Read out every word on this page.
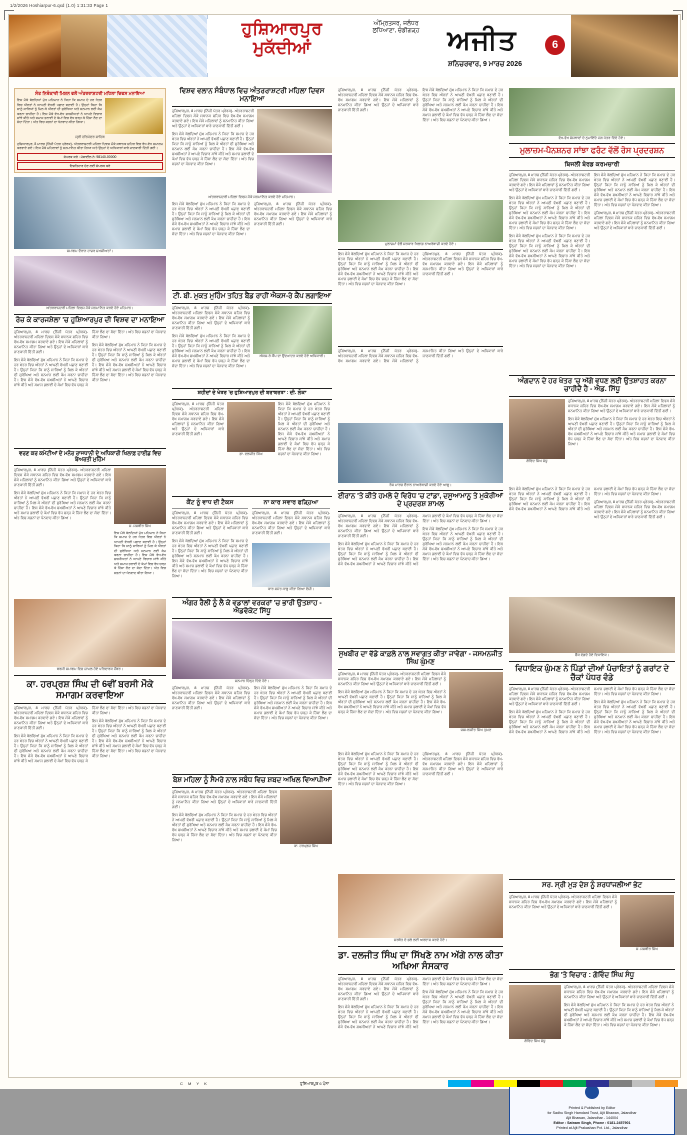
1/2/2026 Hoshiarpur-6.qxd (1.0) 1:31:33 Page 1
ਹੁਸ਼ਿਆਰਪੁਰ
ਮੁਕੱਦੀਆਂ
ਅੰਮ੍ਰਿਤਸਰ, ਜਲੰਧਰ
ਲੁਧਿਆਣਾ, ਚੰਡੀਗੜ੍ਹ	ਅਜੀਤ
ਸ਼ਨਿਚਰਵਾਰ, 9 ਮਾਰਚ 2026
6
ਸੰਤ ਨਿਰੰਕਾਰੀ ਮਿਸ਼ਨ ਵਲੋਂ ਅੰਤਰਰਾਸ਼ਟਰੀ ਮਹਿਲਾ ਦਿਵਸ ਮਨਾਇਆ
ਇਸ ਮੌਕੇ ਬੋਲਦਿਆਂ ਮੁੱਖ ਮਹਿਮਾਨ ਨੇ ਕਿਹਾ ਕਿ ਸਮਾਜ ਦੇ ਹਰ ਖੇਤਰ ਵਿਚ ਔਰਤਾਂ ਨੇ ਆਪਣੀ ਵੱਖਰੀ ਪਛਾਣ ਬਣਾਈ ਹੈ। ਉਨ੍ਹਾਂ ਕਿਹਾ ਕਿ ਸਾਨੂੰ ਸਾਰਿਆਂ ਨੂੰ ਮਿਲ ਕੇ ਔਰਤਾਂ ਦੀ ਸੁਰੱਖਿਆ ਅਤੇ ਸਨਮਾਨ ਲਈ ਕੰਮ ਕਰਨਾ ਚਾਹੀਦਾ ਹੈ। ਇਸ ਮੌਕੇ ਵੱਖ-ਵੱਖ ਸ਼ਖਸੀਅਤਾਂ ਨੇ ਆਪਣੇ ਵਿਚਾਰ ਸਾਂਝੇ ਕੀਤੇ ਅਤੇ ਸਮਾਜ ਭਲਾਈ ਦੇ ਕੰਮਾਂ ਵਿਚ ਵੱਧ ਚੜ੍ਹ ਕੇ ਹਿੱਸਾ ਲੈਣ ਦਾ ਸੱਦਾ ਦਿੱਤਾ। ਅੰਤ ਵਿਚ ਸਭਨਾਂ ਦਾ ਧੰਨਵਾਦ ਕੀਤਾ ਗਿਆ।
ਸ੍ਰੀ ਹਰਿਮੰਦਰ ਸਾਹਿਬ
ਹੁਸ਼ਿਆਰਪੁਰ, 8 ਮਾਰਚ (ਨਿੱਜੀ ਪੱਤਰ ਪ੍ਰੇਰਕ)- ਅੰਤਰਰਾਸ਼ਟਰੀ ਮਹਿਲਾ ਦਿਵਸ ਮੌਕੇ ਸਥਾਨਕ ਸ਼ਹਿਰ ਵਿਚ ਵੱਖ-ਵੱਖ ਸਮਾਗਮ ਕਰਵਾਏ ਗਏ। ਇਸ ਮੌਕੇ ਮਹਿਲਾਵਾਂ ਨੂੰ ਸਨਮਾਨਿਤ ਕੀਤਾ ਗਿਆ ਅਤੇ ਉਨ੍ਹਾਂ ਦੇ ਅਧਿਕਾਰਾਂ ਬਾਰੇ ਜਾਣਕਾਰੀ ਦਿੱਤੀ ਗਈ।
ਸੰਪਰਕ ਕਰੋ : ਮੋਬਾਈਲ ਨੰ: 98140-00000
ਇਸ਼ਤਿਹਾਰ ਦੇਣ ਲਈ ਸੰਪਰਕ ਕਰੋ
ਸਮਾਗਮ ਦੌਰਾਨ ਹਾਜ਼ਰ ਸ਼ਖਸੀਅਤਾਂ।
ਅੰਤਰਰਾਸ਼ਟਰੀ ਮਹਿਲਾ ਦਿਵਸ ਮੌਕੇ ਸਨਮਾਨਿਤ ਕਰਦੇ ਹੋਏ ਮਹਿਮਾਨ।
ਰੋਜ਼ ਕੇ ਕਾਰਜਸ਼ੇਲਾ 'ਚ ਹੁਸ਼ਿਆਰਪੁਰ ਦੀ ਵਿਸ਼ਵ ਦਾ ਮਨਾਇਆ

ਹੁਸ਼ਿਆਰਪੁਰ, 8 ਮਾਰਚ (ਨਿੱਜੀ ਪੱਤਰ ਪ੍ਰੇਰਕ)- ਅੰਤਰਰਾਸ਼ਟਰੀ ਮਹਿਲਾ ਦਿਵਸ ਮੌਕੇ ਸਥਾਨਕ ਸ਼ਹਿਰ ਵਿਚ ਵੱਖ-ਵੱਖ ਸਮਾਗਮ ਕਰਵਾਏ ਗਏ। ਇਸ ਮੌਕੇ ਮਹਿਲਾਵਾਂ ਨੂੰ ਸਨਮਾਨਿਤ ਕੀਤਾ ਗਿਆ ਅਤੇ ਉਨ੍ਹਾਂ ਦੇ ਅਧਿਕਾਰਾਂ ਬਾਰੇ ਜਾਣਕਾਰੀ ਦਿੱਤੀ ਗਈ।

ਇਸ ਮੌਕੇ ਬੋਲਦਿਆਂ ਮੁੱਖ ਮਹਿਮਾਨ ਨੇ ਕਿਹਾ ਕਿ ਸਮਾਜ ਦੇ ਹਰ ਖੇਤਰ ਵਿਚ ਔਰਤਾਂ ਨੇ ਆਪਣੀ ਵੱਖਰੀ ਪਛਾਣ ਬਣਾਈ ਹੈ। ਉਨ੍ਹਾਂ ਕਿਹਾ ਕਿ ਸਾਨੂੰ ਸਾਰਿਆਂ ਨੂੰ ਮਿਲ ਕੇ ਔਰਤਾਂ ਦੀ ਸੁਰੱਖਿਆ ਅਤੇ ਸਨਮਾਨ ਲਈ ਕੰਮ ਕਰਨਾ ਚਾਹੀਦਾ ਹੈ। ਇਸ ਮੌਕੇ ਵੱਖ-ਵੱਖ ਸ਼ਖਸੀਅਤਾਂ ਨੇ ਆਪਣੇ ਵਿਚਾਰ ਸਾਂਝੇ ਕੀਤੇ ਅਤੇ ਸਮਾਜ ਭਲਾਈ ਦੇ ਕੰਮਾਂ ਵਿਚ ਵੱਧ ਚੜ੍ਹ ਕੇ ਹਿੱਸਾ ਲੈਣ ਦਾ ਸੱਦਾ ਦਿੱਤਾ। ਅੰਤ ਵਿਚ ਸਭਨਾਂ ਦਾ ਧੰਨਵਾਦ ਕੀਤਾ ਗਿਆ।

ਇਸ ਮੌਕੇ ਬੋਲਦਿਆਂ ਮੁੱਖ ਮਹਿਮਾਨ ਨੇ ਕਿਹਾ ਕਿ ਸਮਾਜ ਦੇ ਹਰ ਖੇਤਰ ਵਿਚ ਔਰਤਾਂ ਨੇ ਆਪਣੀ ਵੱਖਰੀ ਪਛਾਣ ਬਣਾਈ ਹੈ। ਉਨ੍ਹਾਂ ਕਿਹਾ ਕਿ ਸਾਨੂੰ ਸਾਰਿਆਂ ਨੂੰ ਮਿਲ ਕੇ ਔਰਤਾਂ ਦੀ ਸੁਰੱਖਿਆ ਅਤੇ ਸਨਮਾਨ ਲਈ ਕੰਮ ਕਰਨਾ ਚਾਹੀਦਾ ਹੈ। ਇਸ ਮੌਕੇ ਵੱਖ-ਵੱਖ ਸ਼ਖਸੀਅਤਾਂ ਨੇ ਆਪਣੇ ਵਿਚਾਰ ਸਾਂਝੇ ਕੀਤੇ ਅਤੇ ਸਮਾਜ ਭਲਾਈ ਦੇ ਕੰਮਾਂ ਵਿਚ ਵੱਧ ਚੜ੍ਹ ਕੇ ਹਿੱਸਾ ਲੈਣ ਦਾ ਸੱਦਾ ਦਿੱਤਾ। ਅੰਤ ਵਿਚ ਸਭਨਾਂ ਦਾ ਧੰਨਵਾਦ ਕੀਤਾ ਗਿਆ।

ਵਰਣ ਕਰ ਕਮੇਟੀਆਂ ਦੇ ਮਨੋਰ ਰਾਜਧਾਨੀ ਦੇ ਅਧਿਕਾਰੀ ਖਿਲਾਫ਼ ਹਾਈਡ ਵਿਚ ਬੇਅਰਤੀ ਮੁਹਿੰਮ

ਹੁਸ਼ਿਆਰਪੁਰ, 8 ਮਾਰਚ (ਨਿੱਜੀ ਪੱਤਰ ਪ੍ਰੇਰਕ)- ਅੰਤਰਰਾਸ਼ਟਰੀ ਮਹਿਲਾ ਦਿਵਸ ਮੌਕੇ ਸਥਾਨਕ ਸ਼ਹਿਰ ਵਿਚ ਵੱਖ-ਵੱਖ ਸਮਾਗਮ ਕਰਵਾਏ ਗਏ। ਇਸ ਮੌਕੇ ਮਹਿਲਾਵਾਂ ਨੂੰ ਸਨਮਾਨਿਤ ਕੀਤਾ ਗਿਆ ਅਤੇ ਉਨ੍ਹਾਂ ਦੇ ਅਧਿਕਾਰਾਂ ਬਾਰੇ ਜਾਣਕਾਰੀ ਦਿੱਤੀ ਗਈ।

ਇਸ ਮੌਕੇ ਬੋਲਦਿਆਂ ਮੁੱਖ ਮਹਿਮਾਨ ਨੇ ਕਿਹਾ ਕਿ ਸਮਾਜ ਦੇ ਹਰ ਖੇਤਰ ਵਿਚ ਔਰਤਾਂ ਨੇ ਆਪਣੀ ਵੱਖਰੀ ਪਛਾਣ ਬਣਾਈ ਹੈ। ਉਨ੍ਹਾਂ ਕਿਹਾ ਕਿ ਸਾਨੂੰ ਸਾਰਿਆਂ ਨੂੰ ਮਿਲ ਕੇ ਔਰਤਾਂ ਦੀ ਸੁਰੱਖਿਆ ਅਤੇ ਸਨਮਾਨ ਲਈ ਕੰਮ ਕਰਨਾ ਚਾਹੀਦਾ ਹੈ। ਇਸ ਮੌਕੇ ਵੱਖ-ਵੱਖ ਸ਼ਖਸੀਅਤਾਂ ਨੇ ਆਪਣੇ ਵਿਚਾਰ ਸਾਂਝੇ ਕੀਤੇ ਅਤੇ ਸਮਾਜ ਭਲਾਈ ਦੇ ਕੰਮਾਂ ਵਿਚ ਵੱਧ ਚੜ੍ਹ ਕੇ ਹਿੱਸਾ ਲੈਣ ਦਾ ਸੱਦਾ ਦਿੱਤਾ। ਅੰਤ ਵਿਚ ਸਭਨਾਂ ਦਾ ਧੰਨਵਾਦ ਕੀਤਾ ਗਿਆ।

ਸ. ਜਸਬੀਰ ਸਿੰਘ
ਇਸ ਮੌਕੇ ਬੋਲਦਿਆਂ ਮੁੱਖ ਮਹਿਮਾਨ ਨੇ ਕਿਹਾ ਕਿ ਸਮਾਜ ਦੇ ਹਰ ਖੇਤਰ ਵਿਚ ਔਰਤਾਂ ਨੇ ਆਪਣੀ ਵੱਖਰੀ ਪਛਾਣ ਬਣਾਈ ਹੈ। ਉਨ੍ਹਾਂ ਕਿਹਾ ਕਿ ਸਾਨੂੰ ਸਾਰਿਆਂ ਨੂੰ ਮਿਲ ਕੇ ਔਰਤਾਂ ਦੀ ਸੁਰੱਖਿਆ ਅਤੇ ਸਨਮਾਨ ਲਈ ਕੰਮ ਕਰਨਾ ਚਾਹੀਦਾ ਹੈ। ਇਸ ਮੌਕੇ ਵੱਖ-ਵੱਖ ਸ਼ਖਸੀਅਤਾਂ ਨੇ ਆਪਣੇ ਵਿਚਾਰ ਸਾਂਝੇ ਕੀਤੇ ਅਤੇ ਸਮਾਜ ਭਲਾਈ ਦੇ ਕੰਮਾਂ ਵਿਚ ਵੱਧ ਚੜ੍ਹ ਕੇ ਹਿੱਸਾ ਲੈਣ ਦਾ ਸੱਦਾ ਦਿੱਤਾ। ਅੰਤ ਵਿਚ ਸਭਨਾਂ ਦਾ ਧੰਨਵਾਦ ਕੀਤਾ ਗਿਆ।
ਬਰਸੀ ਸਮਾਗਮ ਵਿਚ ਸ਼ਾਮਲ ਹੋਏ ਪਰਿਵਾਰਕ ਮੈਂਬਰ।
ਕਾ. ਹਰਪ੍ਰਸ਼ ਸਿੰਘ ਦੀ 6ਵੀਂ ਬਰਸੀ ਮੌਕੇ ਸਮਾਗਮ ਕਰਵਾਇਆ

ਹੁਸ਼ਿਆਰਪੁਰ, 8 ਮਾਰਚ (ਨਿੱਜੀ ਪੱਤਰ ਪ੍ਰੇਰਕ)- ਅੰਤਰਰਾਸ਼ਟਰੀ ਮਹਿਲਾ ਦਿਵਸ ਮੌਕੇ ਸਥਾਨਕ ਸ਼ਹਿਰ ਵਿਚ ਵੱਖ-ਵੱਖ ਸਮਾਗਮ ਕਰਵਾਏ ਗਏ। ਇਸ ਮੌਕੇ ਮਹਿਲਾਵਾਂ ਨੂੰ ਸਨਮਾਨਿਤ ਕੀਤਾ ਗਿਆ ਅਤੇ ਉਨ੍ਹਾਂ ਦੇ ਅਧਿਕਾਰਾਂ ਬਾਰੇ ਜਾਣਕਾਰੀ ਦਿੱਤੀ ਗਈ।

ਇਸ ਮੌਕੇ ਬੋਲਦਿਆਂ ਮੁੱਖ ਮਹਿਮਾਨ ਨੇ ਕਿਹਾ ਕਿ ਸਮਾਜ ਦੇ ਹਰ ਖੇਤਰ ਵਿਚ ਔਰਤਾਂ ਨੇ ਆਪਣੀ ਵੱਖਰੀ ਪਛਾਣ ਬਣਾਈ ਹੈ। ਉਨ੍ਹਾਂ ਕਿਹਾ ਕਿ ਸਾਨੂੰ ਸਾਰਿਆਂ ਨੂੰ ਮਿਲ ਕੇ ਔਰਤਾਂ ਦੀ ਸੁਰੱਖਿਆ ਅਤੇ ਸਨਮਾਨ ਲਈ ਕੰਮ ਕਰਨਾ ਚਾਹੀਦਾ ਹੈ। ਇਸ ਮੌਕੇ ਵੱਖ-ਵੱਖ ਸ਼ਖਸੀਅਤਾਂ ਨੇ ਆਪਣੇ ਵਿਚਾਰ ਸਾਂਝੇ ਕੀਤੇ ਅਤੇ ਸਮਾਜ ਭਲਾਈ ਦੇ ਕੰਮਾਂ ਵਿਚ ਵੱਧ ਚੜ੍ਹ ਕੇ ਹਿੱਸਾ ਲੈਣ ਦਾ ਸੱਦਾ ਦਿੱਤਾ। ਅੰਤ ਵਿਚ ਸਭਨਾਂ ਦਾ ਧੰਨਵਾਦ ਕੀਤਾ ਗਿਆ।

ਇਸ ਮੌਕੇ ਬੋਲਦਿਆਂ ਮੁੱਖ ਮਹਿਮਾਨ ਨੇ ਕਿਹਾ ਕਿ ਸਮਾਜ ਦੇ ਹਰ ਖੇਤਰ ਵਿਚ ਔਰਤਾਂ ਨੇ ਆਪਣੀ ਵੱਖਰੀ ਪਛਾਣ ਬਣਾਈ ਹੈ। ਉਨ੍ਹਾਂ ਕਿਹਾ ਕਿ ਸਾਨੂੰ ਸਾਰਿਆਂ ਨੂੰ ਮਿਲ ਕੇ ਔਰਤਾਂ ਦੀ ਸੁਰੱਖਿਆ ਅਤੇ ਸਨਮਾਨ ਲਈ ਕੰਮ ਕਰਨਾ ਚਾਹੀਦਾ ਹੈ। ਇਸ ਮੌਕੇ ਵੱਖ-ਵੱਖ ਸ਼ਖਸੀਅਤਾਂ ਨੇ ਆਪਣੇ ਵਿਚਾਰ ਸਾਂਝੇ ਕੀਤੇ ਅਤੇ ਸਮਾਜ ਭਲਾਈ ਦੇ ਕੰਮਾਂ ਵਿਚ ਵੱਧ ਚੜ੍ਹ ਕੇ ਹਿੱਸਾ ਲੈਣ ਦਾ ਸੱਦਾ ਦਿੱਤਾ। ਅੰਤ ਵਿਚ ਸਭਨਾਂ ਦਾ ਧੰਨਵਾਦ ਕੀਤਾ ਗਿਆ।

ਵਿਸ਼ਵ ਵਲਾਨ ਸੰਬੰਧਾਲ ਵਿਚ ਅੰਤਰਰਾਸ਼ਟਰੀ ਮਹਿਲਾ ਦਿਵਸ ਮਨਾਇਆ

ਹੁਸ਼ਿਆਰਪੁਰ, 8 ਮਾਰਚ (ਨਿੱਜੀ ਪੱਤਰ ਪ੍ਰੇਰਕ)- ਅੰਤਰਰਾਸ਼ਟਰੀ ਮਹਿਲਾ ਦਿਵਸ ਮੌਕੇ ਸਥਾਨਕ ਸ਼ਹਿਰ ਵਿਚ ਵੱਖ-ਵੱਖ ਸਮਾਗਮ ਕਰਵਾਏ ਗਏ। ਇਸ ਮੌਕੇ ਮਹਿਲਾਵਾਂ ਨੂੰ ਸਨਮਾਨਿਤ ਕੀਤਾ ਗਿਆ ਅਤੇ ਉਨ੍ਹਾਂ ਦੇ ਅਧਿਕਾਰਾਂ ਬਾਰੇ ਜਾਣਕਾਰੀ ਦਿੱਤੀ ਗਈ।

ਇਸ ਮੌਕੇ ਬੋਲਦਿਆਂ ਮੁੱਖ ਮਹਿਮਾਨ ਨੇ ਕਿਹਾ ਕਿ ਸਮਾਜ ਦੇ ਹਰ ਖੇਤਰ ਵਿਚ ਔਰਤਾਂ ਨੇ ਆਪਣੀ ਵੱਖਰੀ ਪਛਾਣ ਬਣਾਈ ਹੈ। ਉਨ੍ਹਾਂ ਕਿਹਾ ਕਿ ਸਾਨੂੰ ਸਾਰਿਆਂ ਨੂੰ ਮਿਲ ਕੇ ਔਰਤਾਂ ਦੀ ਸੁਰੱਖਿਆ ਅਤੇ ਸਨਮਾਨ ਲਈ ਕੰਮ ਕਰਨਾ ਚਾਹੀਦਾ ਹੈ। ਇਸ ਮੌਕੇ ਵੱਖ-ਵੱਖ ਸ਼ਖਸੀਅਤਾਂ ਨੇ ਆਪਣੇ ਵਿਚਾਰ ਸਾਂਝੇ ਕੀਤੇ ਅਤੇ ਸਮਾਜ ਭਲਾਈ ਦੇ ਕੰਮਾਂ ਵਿਚ ਵੱਧ ਚੜ੍ਹ ਕੇ ਹਿੱਸਾ ਲੈਣ ਦਾ ਸੱਦਾ ਦਿੱਤਾ। ਅੰਤ ਵਿਚ ਸਭਨਾਂ ਦਾ ਧੰਨਵਾਦ ਕੀਤਾ ਗਿਆ।

ਅੰਤਰਰਾਸ਼ਟਰੀ ਮਹਿਲਾ ਦਿਵਸ ਮੌਕੇ ਸਨਮਾਨਿਤ ਕਰਦੇ ਹੋਏ ਮਹਿਮਾਨ।

ਇਸ ਮੌਕੇ ਬੋਲਦਿਆਂ ਮੁੱਖ ਮਹਿਮਾਨ ਨੇ ਕਿਹਾ ਕਿ ਸਮਾਜ ਦੇ ਹਰ ਖੇਤਰ ਵਿਚ ਔਰਤਾਂ ਨੇ ਆਪਣੀ ਵੱਖਰੀ ਪਛਾਣ ਬਣਾਈ ਹੈ। ਉਨ੍ਹਾਂ ਕਿਹਾ ਕਿ ਸਾਨੂੰ ਸਾਰਿਆਂ ਨੂੰ ਮਿਲ ਕੇ ਔਰਤਾਂ ਦੀ ਸੁਰੱਖਿਆ ਅਤੇ ਸਨਮਾਨ ਲਈ ਕੰਮ ਕਰਨਾ ਚਾਹੀਦਾ ਹੈ। ਇਸ ਮੌਕੇ ਵੱਖ-ਵੱਖ ਸ਼ਖਸੀਅਤਾਂ ਨੇ ਆਪਣੇ ਵਿਚਾਰ ਸਾਂਝੇ ਕੀਤੇ ਅਤੇ ਸਮਾਜ ਭਲਾਈ ਦੇ ਕੰਮਾਂ ਵਿਚ ਵੱਧ ਚੜ੍ਹ ਕੇ ਹਿੱਸਾ ਲੈਣ ਦਾ ਸੱਦਾ ਦਿੱਤਾ। ਅੰਤ ਵਿਚ ਸਭਨਾਂ ਦਾ ਧੰਨਵਾਦ ਕੀਤਾ ਗਿਆ।

ਹੁਸ਼ਿਆਰਪੁਰ, 8 ਮਾਰਚ (ਨਿੱਜੀ ਪੱਤਰ ਪ੍ਰੇਰਕ)- ਅੰਤਰਰਾਸ਼ਟਰੀ ਮਹਿਲਾ ਦਿਵਸ ਮੌਕੇ ਸਥਾਨਕ ਸ਼ਹਿਰ ਵਿਚ ਵੱਖ-ਵੱਖ ਸਮਾਗਮ ਕਰਵਾਏ ਗਏ। ਇਸ ਮੌਕੇ ਮਹਿਲਾਵਾਂ ਨੂੰ ਸਨਮਾਨਿਤ ਕੀਤਾ ਗਿਆ ਅਤੇ ਉਨ੍ਹਾਂ ਦੇ ਅਧਿਕਾਰਾਂ ਬਾਰੇ ਜਾਣਕਾਰੀ ਦਿੱਤੀ ਗਈ।

ਟੀ. ਬੀ. ਮੁਕਤ ਮੁਹਿੰਮ ਤਹਿਤ ਬੈਂਡ ਰਾਹੀਂ ਐਕਸ-ਰੇ ਕੈਂਪ ਲਗਾਇਆ

ਹੁਸ਼ਿਆਰਪੁਰ, 8 ਮਾਰਚ (ਨਿੱਜੀ ਪੱਤਰ ਪ੍ਰੇਰਕ)- ਅੰਤਰਰਾਸ਼ਟਰੀ ਮਹਿਲਾ ਦਿਵਸ ਮੌਕੇ ਸਥਾਨਕ ਸ਼ਹਿਰ ਵਿਚ ਵੱਖ-ਵੱਖ ਸਮਾਗਮ ਕਰਵਾਏ ਗਏ। ਇਸ ਮੌਕੇ ਮਹਿਲਾਵਾਂ ਨੂੰ ਸਨਮਾਨਿਤ ਕੀਤਾ ਗਿਆ ਅਤੇ ਉਨ੍ਹਾਂ ਦੇ ਅਧਿਕਾਰਾਂ ਬਾਰੇ ਜਾਣਕਾਰੀ ਦਿੱਤੀ ਗਈ।

ਇਸ ਮੌਕੇ ਬੋਲਦਿਆਂ ਮੁੱਖ ਮਹਿਮਾਨ ਨੇ ਕਿਹਾ ਕਿ ਸਮਾਜ ਦੇ ਹਰ ਖੇਤਰ ਵਿਚ ਔਰਤਾਂ ਨੇ ਆਪਣੀ ਵੱਖਰੀ ਪਛਾਣ ਬਣਾਈ ਹੈ। ਉਨ੍ਹਾਂ ਕਿਹਾ ਕਿ ਸਾਨੂੰ ਸਾਰਿਆਂ ਨੂੰ ਮਿਲ ਕੇ ਔਰਤਾਂ ਦੀ ਸੁਰੱਖਿਆ ਅਤੇ ਸਨਮਾਨ ਲਈ ਕੰਮ ਕਰਨਾ ਚਾਹੀਦਾ ਹੈ। ਇਸ ਮੌਕੇ ਵੱਖ-ਵੱਖ ਸ਼ਖਸੀਅਤਾਂ ਨੇ ਆਪਣੇ ਵਿਚਾਰ ਸਾਂਝੇ ਕੀਤੇ ਅਤੇ ਸਮਾਜ ਭਲਾਈ ਦੇ ਕੰਮਾਂ ਵਿਚ ਵੱਧ ਚੜ੍ਹ ਕੇ ਹਿੱਸਾ ਲੈਣ ਦਾ ਸੱਦਾ ਦਿੱਤਾ। ਅੰਤ ਵਿਚ ਸਭਨਾਂ ਦਾ ਧੰਨਵਾਦ ਕੀਤਾ ਗਿਆ।

ਐਕਸ-ਰੇ ਕੈਂਪ ਦਾ ਉਦਘਾਟਨ ਕਰਦੇ ਹੋਏ ਅਧਿਕਾਰੀ।
ਸ਼ਹੀਦਾਂ ਦੇ ਖੇਤਰ 'ਚ ਹੁਸ਼ਿਆਰਪੁਰ ਦੀ ਬਰਾਬਰਤਾ : ਦੀ. ਲੋਕਾ

ਹੁਸ਼ਿਆਰਪੁਰ, 8 ਮਾਰਚ (ਨਿੱਜੀ ਪੱਤਰ ਪ੍ਰੇਰਕ)- ਅੰਤਰਰਾਸ਼ਟਰੀ ਮਹਿਲਾ ਦਿਵਸ ਮੌਕੇ ਸਥਾਨਕ ਸ਼ਹਿਰ ਵਿਚ ਵੱਖ-ਵੱਖ ਸਮਾਗਮ ਕਰਵਾਏ ਗਏ। ਇਸ ਮੌਕੇ ਮਹਿਲਾਵਾਂ ਨੂੰ ਸਨਮਾਨਿਤ ਕੀਤਾ ਗਿਆ ਅਤੇ ਉਨ੍ਹਾਂ ਦੇ ਅਧਿਕਾਰਾਂ ਬਾਰੇ ਜਾਣਕਾਰੀ ਦਿੱਤੀ ਗਈ।

ਡਾ. ਦਲਜੀਤ ਸਿੰਘ
ਇਸ ਮੌਕੇ ਬੋਲਦਿਆਂ ਮੁੱਖ ਮਹਿਮਾਨ ਨੇ ਕਿਹਾ ਕਿ ਸਮਾਜ ਦੇ ਹਰ ਖੇਤਰ ਵਿਚ ਔਰਤਾਂ ਨੇ ਆਪਣੀ ਵੱਖਰੀ ਪਛਾਣ ਬਣਾਈ ਹੈ। ਉਨ੍ਹਾਂ ਕਿਹਾ ਕਿ ਸਾਨੂੰ ਸਾਰਿਆਂ ਨੂੰ ਮਿਲ ਕੇ ਔਰਤਾਂ ਦੀ ਸੁਰੱਖਿਆ ਅਤੇ ਸਨਮਾਨ ਲਈ ਕੰਮ ਕਰਨਾ ਚਾਹੀਦਾ ਹੈ। ਇਸ ਮੌਕੇ ਵੱਖ-ਵੱਖ ਸ਼ਖਸੀਅਤਾਂ ਨੇ ਆਪਣੇ ਵਿਚਾਰ ਸਾਂਝੇ ਕੀਤੇ ਅਤੇ ਸਮਾਜ ਭਲਾਈ ਦੇ ਕੰਮਾਂ ਵਿਚ ਵੱਧ ਚੜ੍ਹ ਕੇ ਹਿੱਸਾ ਲੈਣ ਦਾ ਸੱਦਾ ਦਿੱਤਾ। ਅੰਤ ਵਿਚ ਸਭਨਾਂ ਦਾ ਧੰਨਵਾਦ ਕੀਤਾ ਗਿਆ।
ਕੈਂਟ ਨੂੰ ਵਾਧ ਦੀ ਟੈਕਸ

ਹੁਸ਼ਿਆਰਪੁਰ, 8 ਮਾਰਚ (ਨਿੱਜੀ ਪੱਤਰ ਪ੍ਰੇਰਕ)- ਅੰਤਰਰਾਸ਼ਟਰੀ ਮਹਿਲਾ ਦਿਵਸ ਮੌਕੇ ਸਥਾਨਕ ਸ਼ਹਿਰ ਵਿਚ ਵੱਖ-ਵੱਖ ਸਮਾਗਮ ਕਰਵਾਏ ਗਏ। ਇਸ ਮੌਕੇ ਮਹਿਲਾਵਾਂ ਨੂੰ ਸਨਮਾਨਿਤ ਕੀਤਾ ਗਿਆ ਅਤੇ ਉਨ੍ਹਾਂ ਦੇ ਅਧਿਕਾਰਾਂ ਬਾਰੇ ਜਾਣਕਾਰੀ ਦਿੱਤੀ ਗਈ।

ਇਸ ਮੌਕੇ ਬੋਲਦਿਆਂ ਮੁੱਖ ਮਹਿਮਾਨ ਨੇ ਕਿਹਾ ਕਿ ਸਮਾਜ ਦੇ ਹਰ ਖੇਤਰ ਵਿਚ ਔਰਤਾਂ ਨੇ ਆਪਣੀ ਵੱਖਰੀ ਪਛਾਣ ਬਣਾਈ ਹੈ। ਉਨ੍ਹਾਂ ਕਿਹਾ ਕਿ ਸਾਨੂੰ ਸਾਰਿਆਂ ਨੂੰ ਮਿਲ ਕੇ ਔਰਤਾਂ ਦੀ ਸੁਰੱਖਿਆ ਅਤੇ ਸਨਮਾਨ ਲਈ ਕੰਮ ਕਰਨਾ ਚਾਹੀਦਾ ਹੈ। ਇਸ ਮੌਕੇ ਵੱਖ-ਵੱਖ ਸ਼ਖਸੀਅਤਾਂ ਨੇ ਆਪਣੇ ਵਿਚਾਰ ਸਾਂਝੇ ਕੀਤੇ ਅਤੇ ਸਮਾਜ ਭਲਾਈ ਦੇ ਕੰਮਾਂ ਵਿਚ ਵੱਧ ਚੜ੍ਹ ਕੇ ਹਿੱਸਾ ਲੈਣ ਦਾ ਸੱਦਾ ਦਿੱਤਾ। ਅੰਤ ਵਿਚ ਸਭਨਾਂ ਦਾ ਧੰਨਵਾਦ ਕੀਤਾ ਗਿਆ।

ਨਾ ਕਾਰ ਸਵਾਰ ਫੜ੍ਹਿਆ
ਹੁਸ਼ਿਆਰਪੁਰ, 8 ਮਾਰਚ (ਨਿੱਜੀ ਪੱਤਰ ਪ੍ਰੇਰਕ)- ਅੰਤਰਰਾਸ਼ਟਰੀ ਮਹਿਲਾ ਦਿਵਸ ਮੌਕੇ ਸਥਾਨਕ ਸ਼ਹਿਰ ਵਿਚ ਵੱਖ-ਵੱਖ ਸਮਾਗਮ ਕਰਵਾਏ ਗਏ। ਇਸ ਮੌਕੇ ਮਹਿਲਾਵਾਂ ਨੂੰ ਸਨਮਾਨਿਤ ਕੀਤਾ ਗਿਆ ਅਤੇ ਉਨ੍ਹਾਂ ਦੇ ਅਧਿਕਾਰਾਂ ਬਾਰੇ ਜਾਣਕਾਰੀ ਦਿੱਤੀ ਗਈ।
ਕਾਰ ਸਮੇਤ ਕਾਬੂ ਕੀਤਾ ਗਿਆ ਦੋਸ਼ੀ।
ਅੰਗਰ ਰੈਲੀ ਨੂੰ ਲੈ ਕੇ ਵਡਾਲਾਂ ਵਰਕਰਾਂ 'ਚ ਭਾਰੀ ਉਤਸ਼ਾਹ - ਐਡਵੋਕੇਟ ਸਿੱਧੂ
ਸਨਮਾਨ ਚਿੰਨ੍ਹ ਦਿੰਦੇ ਹੋਏ।

ਹੁਸ਼ਿਆਰਪੁਰ, 8 ਮਾਰਚ (ਨਿੱਜੀ ਪੱਤਰ ਪ੍ਰੇਰਕ)- ਅੰਤਰਰਾਸ਼ਟਰੀ ਮਹਿਲਾ ਦਿਵਸ ਮੌਕੇ ਸਥਾਨਕ ਸ਼ਹਿਰ ਵਿਚ ਵੱਖ-ਵੱਖ ਸਮਾਗਮ ਕਰਵਾਏ ਗਏ। ਇਸ ਮੌਕੇ ਮਹਿਲਾਵਾਂ ਨੂੰ ਸਨਮਾਨਿਤ ਕੀਤਾ ਗਿਆ ਅਤੇ ਉਨ੍ਹਾਂ ਦੇ ਅਧਿਕਾਰਾਂ ਬਾਰੇ ਜਾਣਕਾਰੀ ਦਿੱਤੀ ਗਈ।

ਇਸ ਮੌਕੇ ਬੋਲਦਿਆਂ ਮੁੱਖ ਮਹਿਮਾਨ ਨੇ ਕਿਹਾ ਕਿ ਸਮਾਜ ਦੇ ਹਰ ਖੇਤਰ ਵਿਚ ਔਰਤਾਂ ਨੇ ਆਪਣੀ ਵੱਖਰੀ ਪਛਾਣ ਬਣਾਈ ਹੈ। ਉਨ੍ਹਾਂ ਕਿਹਾ ਕਿ ਸਾਨੂੰ ਸਾਰਿਆਂ ਨੂੰ ਮਿਲ ਕੇ ਔਰਤਾਂ ਦੀ ਸੁਰੱਖਿਆ ਅਤੇ ਸਨਮਾਨ ਲਈ ਕੰਮ ਕਰਨਾ ਚਾਹੀਦਾ ਹੈ। ਇਸ ਮੌਕੇ ਵੱਖ-ਵੱਖ ਸ਼ਖਸੀਅਤਾਂ ਨੇ ਆਪਣੇ ਵਿਚਾਰ ਸਾਂਝੇ ਕੀਤੇ ਅਤੇ ਸਮਾਜ ਭਲਾਈ ਦੇ ਕੰਮਾਂ ਵਿਚ ਵੱਧ ਚੜ੍ਹ ਕੇ ਹਿੱਸਾ ਲੈਣ ਦਾ ਸੱਦਾ ਦਿੱਤਾ। ਅੰਤ ਵਿਚ ਸਭਨਾਂ ਦਾ ਧੰਨਵਾਦ ਕੀਤਾ ਗਿਆ।

ਬੇਸ਼ ਮਹਿਲਾ ਨੂੰ ਸੈਮਰੇ ਨਾਲ ਸਬੰਧ ਵਿਚ ਸ਼ਬਦ ਅਖਿਲ ਵਿਆਪੀਆਂ

ਹੁਸ਼ਿਆਰਪੁਰ, 8 ਮਾਰਚ (ਨਿੱਜੀ ਪੱਤਰ ਪ੍ਰੇਰਕ)- ਅੰਤਰਰਾਸ਼ਟਰੀ ਮਹਿਲਾ ਦਿਵਸ ਮੌਕੇ ਸਥਾਨਕ ਸ਼ਹਿਰ ਵਿਚ ਵੱਖ-ਵੱਖ ਸਮਾਗਮ ਕਰਵਾਏ ਗਏ। ਇਸ ਮੌਕੇ ਮਹਿਲਾਵਾਂ ਨੂੰ ਸਨਮਾਨਿਤ ਕੀਤਾ ਗਿਆ ਅਤੇ ਉਨ੍ਹਾਂ ਦੇ ਅਧਿਕਾਰਾਂ ਬਾਰੇ ਜਾਣਕਾਰੀ ਦਿੱਤੀ ਗਈ।

ਇਸ ਮੌਕੇ ਬੋਲਦਿਆਂ ਮੁੱਖ ਮਹਿਮਾਨ ਨੇ ਕਿਹਾ ਕਿ ਸਮਾਜ ਦੇ ਹਰ ਖੇਤਰ ਵਿਚ ਔਰਤਾਂ ਨੇ ਆਪਣੀ ਵੱਖਰੀ ਪਛਾਣ ਬਣਾਈ ਹੈ। ਉਨ੍ਹਾਂ ਕਿਹਾ ਕਿ ਸਾਨੂੰ ਸਾਰਿਆਂ ਨੂੰ ਮਿਲ ਕੇ ਔਰਤਾਂ ਦੀ ਸੁਰੱਖਿਆ ਅਤੇ ਸਨਮਾਨ ਲਈ ਕੰਮ ਕਰਨਾ ਚਾਹੀਦਾ ਹੈ। ਇਸ ਮੌਕੇ ਵੱਖ-ਵੱਖ ਸ਼ਖਸੀਅਤਾਂ ਨੇ ਆਪਣੇ ਵਿਚਾਰ ਸਾਂਝੇ ਕੀਤੇ ਅਤੇ ਸਮਾਜ ਭਲਾਈ ਦੇ ਕੰਮਾਂ ਵਿਚ ਵੱਧ ਚੜ੍ਹ ਕੇ ਹਿੱਸਾ ਲੈਣ ਦਾ ਸੱਦਾ ਦਿੱਤਾ। ਅੰਤ ਵਿਚ ਸਭਨਾਂ ਦਾ ਧੰਨਵਾਦ ਕੀਤਾ ਗਿਆ।

ਕਾ. ਹਰਪ੍ਰਸ਼ ਸਿੰਘ

ਹੁਸ਼ਿਆਰਪੁਰ, 8 ਮਾਰਚ (ਨਿੱਜੀ ਪੱਤਰ ਪ੍ਰੇਰਕ)- ਅੰਤਰਰਾਸ਼ਟਰੀ ਮਹਿਲਾ ਦਿਵਸ ਮੌਕੇ ਸਥਾਨਕ ਸ਼ਹਿਰ ਵਿਚ ਵੱਖ-ਵੱਖ ਸਮਾਗਮ ਕਰਵਾਏ ਗਏ। ਇਸ ਮੌਕੇ ਮਹਿਲਾਵਾਂ ਨੂੰ ਸਨਮਾਨਿਤ ਕੀਤਾ ਗਿਆ ਅਤੇ ਉਨ੍ਹਾਂ ਦੇ ਅਧਿਕਾਰਾਂ ਬਾਰੇ ਜਾਣਕਾਰੀ ਦਿੱਤੀ ਗਈ।

ਇਸ ਮੌਕੇ ਬੋਲਦਿਆਂ ਮੁੱਖ ਮਹਿਮਾਨ ਨੇ ਕਿਹਾ ਕਿ ਸਮਾਜ ਦੇ ਹਰ ਖੇਤਰ ਵਿਚ ਔਰਤਾਂ ਨੇ ਆਪਣੀ ਵੱਖਰੀ ਪਛਾਣ ਬਣਾਈ ਹੈ। ਉਨ੍ਹਾਂ ਕਿਹਾ ਕਿ ਸਾਨੂੰ ਸਾਰਿਆਂ ਨੂੰ ਮਿਲ ਕੇ ਔਰਤਾਂ ਦੀ ਸੁਰੱਖਿਆ ਅਤੇ ਸਨਮਾਨ ਲਈ ਕੰਮ ਕਰਨਾ ਚਾਹੀਦਾ ਹੈ। ਇਸ ਮੌਕੇ ਵੱਖ-ਵੱਖ ਸ਼ਖਸੀਅਤਾਂ ਨੇ ਆਪਣੇ ਵਿਚਾਰ ਸਾਂਝੇ ਕੀਤੇ ਅਤੇ ਸਮਾਜ ਭਲਾਈ ਦੇ ਕੰਮਾਂ ਵਿਚ ਵੱਧ ਚੜ੍ਹ ਕੇ ਹਿੱਸਾ ਲੈਣ ਦਾ ਸੱਦਾ ਦਿੱਤਾ। ਅੰਤ ਵਿਚ ਸਭਨਾਂ ਦਾ ਧੰਨਵਾਦ ਕੀਤਾ ਗਿਆ।

ਮੁਲਾਜ਼ਮਾਂ ਵੱਲੋਂ ਸਰਕਾਰ ਖਿਲਾਫ਼ ਨਾਅਰੇਬਾਜ਼ੀ ਕਰਦੇ ਹੋਏ।

ਇਸ ਮੌਕੇ ਬੋਲਦਿਆਂ ਮੁੱਖ ਮਹਿਮਾਨ ਨੇ ਕਿਹਾ ਕਿ ਸਮਾਜ ਦੇ ਹਰ ਖੇਤਰ ਵਿਚ ਔਰਤਾਂ ਨੇ ਆਪਣੀ ਵੱਖਰੀ ਪਛਾਣ ਬਣਾਈ ਹੈ। ਉਨ੍ਹਾਂ ਕਿਹਾ ਕਿ ਸਾਨੂੰ ਸਾਰਿਆਂ ਨੂੰ ਮਿਲ ਕੇ ਔਰਤਾਂ ਦੀ ਸੁਰੱਖਿਆ ਅਤੇ ਸਨਮਾਨ ਲਈ ਕੰਮ ਕਰਨਾ ਚਾਹੀਦਾ ਹੈ। ਇਸ ਮੌਕੇ ਵੱਖ-ਵੱਖ ਸ਼ਖਸੀਅਤਾਂ ਨੇ ਆਪਣੇ ਵਿਚਾਰ ਸਾਂਝੇ ਕੀਤੇ ਅਤੇ ਸਮਾਜ ਭਲਾਈ ਦੇ ਕੰਮਾਂ ਵਿਚ ਵੱਧ ਚੜ੍ਹ ਕੇ ਹਿੱਸਾ ਲੈਣ ਦਾ ਸੱਦਾ ਦਿੱਤਾ। ਅੰਤ ਵਿਚ ਸਭਨਾਂ ਦਾ ਧੰਨਵਾਦ ਕੀਤਾ ਗਿਆ।

ਹੁਸ਼ਿਆਰਪੁਰ, 8 ਮਾਰਚ (ਨਿੱਜੀ ਪੱਤਰ ਪ੍ਰੇਰਕ)- ਅੰਤਰਰਾਸ਼ਟਰੀ ਮਹਿਲਾ ਦਿਵਸ ਮੌਕੇ ਸਥਾਨਕ ਸ਼ਹਿਰ ਵਿਚ ਵੱਖ-ਵੱਖ ਸਮਾਗਮ ਕਰਵਾਏ ਗਏ। ਇਸ ਮੌਕੇ ਮਹਿਲਾਵਾਂ ਨੂੰ ਸਨਮਾਨਿਤ ਕੀਤਾ ਗਿਆ ਅਤੇ ਉਨ੍ਹਾਂ ਦੇ ਅਧਿਕਾਰਾਂ ਬਾਰੇ ਜਾਣਕਾਰੀ ਦਿੱਤੀ ਗਈ।

ਹੁਸ਼ਿਆਰਪੁਰ, 8 ਮਾਰਚ (ਨਿੱਜੀ ਪੱਤਰ ਪ੍ਰੇਰਕ)- ਅੰਤਰਰਾਸ਼ਟਰੀ ਮਹਿਲਾ ਦਿਵਸ ਮੌਕੇ ਸਥਾਨਕ ਸ਼ਹਿਰ ਵਿਚ ਵੱਖ-ਵੱਖ ਸਮਾਗਮ ਕਰਵਾਏ ਗਏ। ਇਸ ਮੌਕੇ ਮਹਿਲਾਵਾਂ ਨੂੰ ਸਨਮਾਨਿਤ ਕੀਤਾ ਗਿਆ ਅਤੇ ਉਨ੍ਹਾਂ ਦੇ ਅਧਿਕਾਰਾਂ ਬਾਰੇ ਜਾਣਕਾਰੀ ਦਿੱਤੀ ਗਈ।

ਰੋਸ ਮਾਰਚ ਦੌਰਾਨ ਨਾਅਰੇਬਾਜ਼ੀ ਕਰਦੇ ਹੋਏ ਆਗੂ।
ਈਰਾਨ 'ਤੇ ਕੀਤੇ ਹਮਲੇ ਦੇ ਵਿਰੋਧ 'ਚ ਟਾਂਡਾ, ਦਸੂਆਮਾਨੂ ਤੇ ਮੁਕੇਰੀਆਂ ਦੇ ਪ੍ਰਦਰਸ਼ ਸ਼ਾਮਲ

ਹੁਸ਼ਿਆਰਪੁਰ, 8 ਮਾਰਚ (ਨਿੱਜੀ ਪੱਤਰ ਪ੍ਰੇਰਕ)- ਅੰਤਰਰਾਸ਼ਟਰੀ ਮਹਿਲਾ ਦਿਵਸ ਮੌਕੇ ਸਥਾਨਕ ਸ਼ਹਿਰ ਵਿਚ ਵੱਖ-ਵੱਖ ਸਮਾਗਮ ਕਰਵਾਏ ਗਏ। ਇਸ ਮੌਕੇ ਮਹਿਲਾਵਾਂ ਨੂੰ ਸਨਮਾਨਿਤ ਕੀਤਾ ਗਿਆ ਅਤੇ ਉਨ੍ਹਾਂ ਦੇ ਅਧਿਕਾਰਾਂ ਬਾਰੇ ਜਾਣਕਾਰੀ ਦਿੱਤੀ ਗਈ।

ਇਸ ਮੌਕੇ ਬੋਲਦਿਆਂ ਮੁੱਖ ਮਹਿਮਾਨ ਨੇ ਕਿਹਾ ਕਿ ਸਮਾਜ ਦੇ ਹਰ ਖੇਤਰ ਵਿਚ ਔਰਤਾਂ ਨੇ ਆਪਣੀ ਵੱਖਰੀ ਪਛਾਣ ਬਣਾਈ ਹੈ। ਉਨ੍ਹਾਂ ਕਿਹਾ ਕਿ ਸਾਨੂੰ ਸਾਰਿਆਂ ਨੂੰ ਮਿਲ ਕੇ ਔਰਤਾਂ ਦੀ ਸੁਰੱਖਿਆ ਅਤੇ ਸਨਮਾਨ ਲਈ ਕੰਮ ਕਰਨਾ ਚਾਹੀਦਾ ਹੈ। ਇਸ ਮੌਕੇ ਵੱਖ-ਵੱਖ ਸ਼ਖਸੀਅਤਾਂ ਨੇ ਆਪਣੇ ਵਿਚਾਰ ਸਾਂਝੇ ਕੀਤੇ ਅਤੇ ਸਮਾਜ ਭਲਾਈ ਦੇ ਕੰਮਾਂ ਵਿਚ ਵੱਧ ਚੜ੍ਹ ਕੇ ਹਿੱਸਾ ਲੈਣ ਦਾ ਸੱਦਾ ਦਿੱਤਾ। ਅੰਤ ਵਿਚ ਸਭਨਾਂ ਦਾ ਧੰਨਵਾਦ ਕੀਤਾ ਗਿਆ।

ਇਸ ਮੌਕੇ ਬੋਲਦਿਆਂ ਮੁੱਖ ਮਹਿਮਾਨ ਨੇ ਕਿਹਾ ਕਿ ਸਮਾਜ ਦੇ ਹਰ ਖੇਤਰ ਵਿਚ ਔਰਤਾਂ ਨੇ ਆਪਣੀ ਵੱਖਰੀ ਪਛਾਣ ਬਣਾਈ ਹੈ। ਉਨ੍ਹਾਂ ਕਿਹਾ ਕਿ ਸਾਨੂੰ ਸਾਰਿਆਂ ਨੂੰ ਮਿਲ ਕੇ ਔਰਤਾਂ ਦੀ ਸੁਰੱਖਿਆ ਅਤੇ ਸਨਮਾਨ ਲਈ ਕੰਮ ਕਰਨਾ ਚਾਹੀਦਾ ਹੈ। ਇਸ ਮੌਕੇ ਵੱਖ-ਵੱਖ ਸ਼ਖਸੀਅਤਾਂ ਨੇ ਆਪਣੇ ਵਿਚਾਰ ਸਾਂਝੇ ਕੀਤੇ ਅਤੇ ਸਮਾਜ ਭਲਾਈ ਦੇ ਕੰਮਾਂ ਵਿਚ ਵੱਧ ਚੜ੍ਹ ਕੇ ਹਿੱਸਾ ਲੈਣ ਦਾ ਸੱਦਾ ਦਿੱਤਾ। ਅੰਤ ਵਿਚ ਸਭਨਾਂ ਦਾ ਧੰਨਵਾਦ ਕੀਤਾ ਗਿਆ।

ਸੁਖਬੀਰ ਦਾ ਵੱਡੇ ਕਾਫ਼ਲੇ ਨਾਲ ਸਵਾਗਤ ਕੀਤਾ ਜਾਵੇਗਾ - ਜਸਮਨਜੀਤ ਸਿੰਘ ਘੁੰਮਣ

ਹੁਸ਼ਿਆਰਪੁਰ, 8 ਮਾਰਚ (ਨਿੱਜੀ ਪੱਤਰ ਪ੍ਰੇਰਕ)- ਅੰਤਰਰਾਸ਼ਟਰੀ ਮਹਿਲਾ ਦਿਵਸ ਮੌਕੇ ਸਥਾਨਕ ਸ਼ਹਿਰ ਵਿਚ ਵੱਖ-ਵੱਖ ਸਮਾਗਮ ਕਰਵਾਏ ਗਏ। ਇਸ ਮੌਕੇ ਮਹਿਲਾਵਾਂ ਨੂੰ ਸਨਮਾਨਿਤ ਕੀਤਾ ਗਿਆ ਅਤੇ ਉਨ੍ਹਾਂ ਦੇ ਅਧਿਕਾਰਾਂ ਬਾਰੇ ਜਾਣਕਾਰੀ ਦਿੱਤੀ ਗਈ।

ਇਸ ਮੌਕੇ ਬੋਲਦਿਆਂ ਮੁੱਖ ਮਹਿਮਾਨ ਨੇ ਕਿਹਾ ਕਿ ਸਮਾਜ ਦੇ ਹਰ ਖੇਤਰ ਵਿਚ ਔਰਤਾਂ ਨੇ ਆਪਣੀ ਵੱਖਰੀ ਪਛਾਣ ਬਣਾਈ ਹੈ। ਉਨ੍ਹਾਂ ਕਿਹਾ ਕਿ ਸਾਨੂੰ ਸਾਰਿਆਂ ਨੂੰ ਮਿਲ ਕੇ ਔਰਤਾਂ ਦੀ ਸੁਰੱਖਿਆ ਅਤੇ ਸਨਮਾਨ ਲਈ ਕੰਮ ਕਰਨਾ ਚਾਹੀਦਾ ਹੈ। ਇਸ ਮੌਕੇ ਵੱਖ-ਵੱਖ ਸ਼ਖਸੀਅਤਾਂ ਨੇ ਆਪਣੇ ਵਿਚਾਰ ਸਾਂਝੇ ਕੀਤੇ ਅਤੇ ਸਮਾਜ ਭਲਾਈ ਦੇ ਕੰਮਾਂ ਵਿਚ ਵੱਧ ਚੜ੍ਹ ਕੇ ਹਿੱਸਾ ਲੈਣ ਦਾ ਸੱਦਾ ਦਿੱਤਾ। ਅੰਤ ਵਿਚ ਸਭਨਾਂ ਦਾ ਧੰਨਵਾਦ ਕੀਤਾ ਗਿਆ।

ਜਸਮਨਜੀਤ ਸਿੰਘ ਘੁੰਮਣ

ਇਸ ਮੌਕੇ ਬੋਲਦਿਆਂ ਮੁੱਖ ਮਹਿਮਾਨ ਨੇ ਕਿਹਾ ਕਿ ਸਮਾਜ ਦੇ ਹਰ ਖੇਤਰ ਵਿਚ ਔਰਤਾਂ ਨੇ ਆਪਣੀ ਵੱਖਰੀ ਪਛਾਣ ਬਣਾਈ ਹੈ। ਉਨ੍ਹਾਂ ਕਿਹਾ ਕਿ ਸਾਨੂੰ ਸਾਰਿਆਂ ਨੂੰ ਮਿਲ ਕੇ ਔਰਤਾਂ ਦੀ ਸੁਰੱਖਿਆ ਅਤੇ ਸਨਮਾਨ ਲਈ ਕੰਮ ਕਰਨਾ ਚਾਹੀਦਾ ਹੈ। ਇਸ ਮੌਕੇ ਵੱਖ-ਵੱਖ ਸ਼ਖਸੀਅਤਾਂ ਨੇ ਆਪਣੇ ਵਿਚਾਰ ਸਾਂਝੇ ਕੀਤੇ ਅਤੇ ਸਮਾਜ ਭਲਾਈ ਦੇ ਕੰਮਾਂ ਵਿਚ ਵੱਧ ਚੜ੍ਹ ਕੇ ਹਿੱਸਾ ਲੈਣ ਦਾ ਸੱਦਾ ਦਿੱਤਾ। ਅੰਤ ਵਿਚ ਸਭਨਾਂ ਦਾ ਧੰਨਵਾਦ ਕੀਤਾ ਗਿਆ।

ਹੁਸ਼ਿਆਰਪੁਰ, 8 ਮਾਰਚ (ਨਿੱਜੀ ਪੱਤਰ ਪ੍ਰੇਰਕ)- ਅੰਤਰਰਾਸ਼ਟਰੀ ਮਹਿਲਾ ਦਿਵਸ ਮੌਕੇ ਸਥਾਨਕ ਸ਼ਹਿਰ ਵਿਚ ਵੱਖ-ਵੱਖ ਸਮਾਗਮ ਕਰਵਾਏ ਗਏ। ਇਸ ਮੌਕੇ ਮਹਿਲਾਵਾਂ ਨੂੰ ਸਨਮਾਨਿਤ ਕੀਤਾ ਗਿਆ ਅਤੇ ਉਨ੍ਹਾਂ ਦੇ ਅਧਿਕਾਰਾਂ ਬਾਰੇ ਜਾਣਕਾਰੀ ਦਿੱਤੀ ਗਈ।

ਸਰਬੱਤ ਦੇ ਭਲੇ ਲਈ ਅਰਦਾਸ ਕਰਦੇ ਹੋਏ।
ਡਾ. ਦਲਜੀਤ ਸਿੰਘ ਦਾ ਸਿੱਖਣੇ ਨਾਮ ਅੱਗੇ ਨਾਲ ਕੀਤਾ ਅਖਿਆ ਸੰਸਕਾਰ

ਹੁਸ਼ਿਆਰਪੁਰ, 8 ਮਾਰਚ (ਨਿੱਜੀ ਪੱਤਰ ਪ੍ਰੇਰਕ)- ਅੰਤਰਰਾਸ਼ਟਰੀ ਮਹਿਲਾ ਦਿਵਸ ਮੌਕੇ ਸਥਾਨਕ ਸ਼ਹਿਰ ਵਿਚ ਵੱਖ-ਵੱਖ ਸਮਾਗਮ ਕਰਵਾਏ ਗਏ। ਇਸ ਮੌਕੇ ਮਹਿਲਾਵਾਂ ਨੂੰ ਸਨਮਾਨਿਤ ਕੀਤਾ ਗਿਆ ਅਤੇ ਉਨ੍ਹਾਂ ਦੇ ਅਧਿਕਾਰਾਂ ਬਾਰੇ ਜਾਣਕਾਰੀ ਦਿੱਤੀ ਗਈ।

ਇਸ ਮੌਕੇ ਬੋਲਦਿਆਂ ਮੁੱਖ ਮਹਿਮਾਨ ਨੇ ਕਿਹਾ ਕਿ ਸਮਾਜ ਦੇ ਹਰ ਖੇਤਰ ਵਿਚ ਔਰਤਾਂ ਨੇ ਆਪਣੀ ਵੱਖਰੀ ਪਛਾਣ ਬਣਾਈ ਹੈ। ਉਨ੍ਹਾਂ ਕਿਹਾ ਕਿ ਸਾਨੂੰ ਸਾਰਿਆਂ ਨੂੰ ਮਿਲ ਕੇ ਔਰਤਾਂ ਦੀ ਸੁਰੱਖਿਆ ਅਤੇ ਸਨਮਾਨ ਲਈ ਕੰਮ ਕਰਨਾ ਚਾਹੀਦਾ ਹੈ। ਇਸ ਮੌਕੇ ਵੱਖ-ਵੱਖ ਸ਼ਖਸੀਅਤਾਂ ਨੇ ਆਪਣੇ ਵਿਚਾਰ ਸਾਂਝੇ ਕੀਤੇ ਅਤੇ ਸਮਾਜ ਭਲਾਈ ਦੇ ਕੰਮਾਂ ਵਿਚ ਵੱਧ ਚੜ੍ਹ ਕੇ ਹਿੱਸਾ ਲੈਣ ਦਾ ਸੱਦਾ ਦਿੱਤਾ। ਅੰਤ ਵਿਚ ਸਭਨਾਂ ਦਾ ਧੰਨਵਾਦ ਕੀਤਾ ਗਿਆ।

ਇਸ ਮੌਕੇ ਬੋਲਦਿਆਂ ਮੁੱਖ ਮਹਿਮਾਨ ਨੇ ਕਿਹਾ ਕਿ ਸਮਾਜ ਦੇ ਹਰ ਖੇਤਰ ਵਿਚ ਔਰਤਾਂ ਨੇ ਆਪਣੀ ਵੱਖਰੀ ਪਛਾਣ ਬਣਾਈ ਹੈ। ਉਨ੍ਹਾਂ ਕਿਹਾ ਕਿ ਸਾਨੂੰ ਸਾਰਿਆਂ ਨੂੰ ਮਿਲ ਕੇ ਔਰਤਾਂ ਦੀ ਸੁਰੱਖਿਆ ਅਤੇ ਸਨਮਾਨ ਲਈ ਕੰਮ ਕਰਨਾ ਚਾਹੀਦਾ ਹੈ। ਇਸ ਮੌਕੇ ਵੱਖ-ਵੱਖ ਸ਼ਖਸੀਅਤਾਂ ਨੇ ਆਪਣੇ ਵਿਚਾਰ ਸਾਂਝੇ ਕੀਤੇ ਅਤੇ ਸਮਾਜ ਭਲਾਈ ਦੇ ਕੰਮਾਂ ਵਿਚ ਵੱਧ ਚੜ੍ਹ ਕੇ ਹਿੱਸਾ ਲੈਣ ਦਾ ਸੱਦਾ ਦਿੱਤਾ। ਅੰਤ ਵਿਚ ਸਭਨਾਂ ਦਾ ਧੰਨਵਾਦ ਕੀਤਾ ਗਿਆ।

ਵੱਖ-ਵੱਖ ਸੰਸਥਾਵਾਂ ਦੇ ਨੁਮਾਇੰਦੇ ਮੰਗ ਪੱਤਰ ਦਿੰਦੇ ਹੋਏ।
ਮੁਲਾਜ਼ਮ-ਪੈਨਸ਼ਨਰ ਸਾਂਝਾ ਫਰੰਟ ਵੱਲੋਂ ਰੋਸ ਪ੍ਰਦਰਸ਼ਨ
ਬਿਜਲੀ ਬੋਰਡ ਕਰਮਚਾਰੀ

ਹੁਸ਼ਿਆਰਪੁਰ, 8 ਮਾਰਚ (ਨਿੱਜੀ ਪੱਤਰ ਪ੍ਰੇਰਕ)- ਅੰਤਰਰਾਸ਼ਟਰੀ ਮਹਿਲਾ ਦਿਵਸ ਮੌਕੇ ਸਥਾਨਕ ਸ਼ਹਿਰ ਵਿਚ ਵੱਖ-ਵੱਖ ਸਮਾਗਮ ਕਰਵਾਏ ਗਏ। ਇਸ ਮੌਕੇ ਮਹਿਲਾਵਾਂ ਨੂੰ ਸਨਮਾਨਿਤ ਕੀਤਾ ਗਿਆ ਅਤੇ ਉਨ੍ਹਾਂ ਦੇ ਅਧਿਕਾਰਾਂ ਬਾਰੇ ਜਾਣਕਾਰੀ ਦਿੱਤੀ ਗਈ।

ਇਸ ਮੌਕੇ ਬੋਲਦਿਆਂ ਮੁੱਖ ਮਹਿਮਾਨ ਨੇ ਕਿਹਾ ਕਿ ਸਮਾਜ ਦੇ ਹਰ ਖੇਤਰ ਵਿਚ ਔਰਤਾਂ ਨੇ ਆਪਣੀ ਵੱਖਰੀ ਪਛਾਣ ਬਣਾਈ ਹੈ। ਉਨ੍ਹਾਂ ਕਿਹਾ ਕਿ ਸਾਨੂੰ ਸਾਰਿਆਂ ਨੂੰ ਮਿਲ ਕੇ ਔਰਤਾਂ ਦੀ ਸੁਰੱਖਿਆ ਅਤੇ ਸਨਮਾਨ ਲਈ ਕੰਮ ਕਰਨਾ ਚਾਹੀਦਾ ਹੈ। ਇਸ ਮੌਕੇ ਵੱਖ-ਵੱਖ ਸ਼ਖਸੀਅਤਾਂ ਨੇ ਆਪਣੇ ਵਿਚਾਰ ਸਾਂਝੇ ਕੀਤੇ ਅਤੇ ਸਮਾਜ ਭਲਾਈ ਦੇ ਕੰਮਾਂ ਵਿਚ ਵੱਧ ਚੜ੍ਹ ਕੇ ਹਿੱਸਾ ਲੈਣ ਦਾ ਸੱਦਾ ਦਿੱਤਾ। ਅੰਤ ਵਿਚ ਸਭਨਾਂ ਦਾ ਧੰਨਵਾਦ ਕੀਤਾ ਗਿਆ।

ਇਸ ਮੌਕੇ ਬੋਲਦਿਆਂ ਮੁੱਖ ਮਹਿਮਾਨ ਨੇ ਕਿਹਾ ਕਿ ਸਮਾਜ ਦੇ ਹਰ ਖੇਤਰ ਵਿਚ ਔਰਤਾਂ ਨੇ ਆਪਣੀ ਵੱਖਰੀ ਪਛਾਣ ਬਣਾਈ ਹੈ। ਉਨ੍ਹਾਂ ਕਿਹਾ ਕਿ ਸਾਨੂੰ ਸਾਰਿਆਂ ਨੂੰ ਮਿਲ ਕੇ ਔਰਤਾਂ ਦੀ ਸੁਰੱਖਿਆ ਅਤੇ ਸਨਮਾਨ ਲਈ ਕੰਮ ਕਰਨਾ ਚਾਹੀਦਾ ਹੈ। ਇਸ ਮੌਕੇ ਵੱਖ-ਵੱਖ ਸ਼ਖਸੀਅਤਾਂ ਨੇ ਆਪਣੇ ਵਿਚਾਰ ਸਾਂਝੇ ਕੀਤੇ ਅਤੇ ਸਮਾਜ ਭਲਾਈ ਦੇ ਕੰਮਾਂ ਵਿਚ ਵੱਧ ਚੜ੍ਹ ਕੇ ਹਿੱਸਾ ਲੈਣ ਦਾ ਸੱਦਾ ਦਿੱਤਾ। ਅੰਤ ਵਿਚ ਸਭਨਾਂ ਦਾ ਧੰਨਵਾਦ ਕੀਤਾ ਗਿਆ।

ਇਸ ਮੌਕੇ ਬੋਲਦਿਆਂ ਮੁੱਖ ਮਹਿਮਾਨ ਨੇ ਕਿਹਾ ਕਿ ਸਮਾਜ ਦੇ ਹਰ ਖੇਤਰ ਵਿਚ ਔਰਤਾਂ ਨੇ ਆਪਣੀ ਵੱਖਰੀ ਪਛਾਣ ਬਣਾਈ ਹੈ। ਉਨ੍ਹਾਂ ਕਿਹਾ ਕਿ ਸਾਨੂੰ ਸਾਰਿਆਂ ਨੂੰ ਮਿਲ ਕੇ ਔਰਤਾਂ ਦੀ ਸੁਰੱਖਿਆ ਅਤੇ ਸਨਮਾਨ ਲਈ ਕੰਮ ਕਰਨਾ ਚਾਹੀਦਾ ਹੈ। ਇਸ ਮੌਕੇ ਵੱਖ-ਵੱਖ ਸ਼ਖਸੀਅਤਾਂ ਨੇ ਆਪਣੇ ਵਿਚਾਰ ਸਾਂਝੇ ਕੀਤੇ ਅਤੇ ਸਮਾਜ ਭਲਾਈ ਦੇ ਕੰਮਾਂ ਵਿਚ ਵੱਧ ਚੜ੍ਹ ਕੇ ਹਿੱਸਾ ਲੈਣ ਦਾ ਸੱਦਾ ਦਿੱਤਾ। ਅੰਤ ਵਿਚ ਸਭਨਾਂ ਦਾ ਧੰਨਵਾਦ ਕੀਤਾ ਗਿਆ।

ਹੁਸ਼ਿਆਰਪੁਰ, 8 ਮਾਰਚ (ਨਿੱਜੀ ਪੱਤਰ ਪ੍ਰੇਰਕ)- ਅੰਤਰਰਾਸ਼ਟਰੀ ਮਹਿਲਾ ਦਿਵਸ ਮੌਕੇ ਸਥਾਨਕ ਸ਼ਹਿਰ ਵਿਚ ਵੱਖ-ਵੱਖ ਸਮਾਗਮ ਕਰਵਾਏ ਗਏ। ਇਸ ਮੌਕੇ ਮਹਿਲਾਵਾਂ ਨੂੰ ਸਨਮਾਨਿਤ ਕੀਤਾ ਗਿਆ ਅਤੇ ਉਨ੍ਹਾਂ ਦੇ ਅਧਿਕਾਰਾਂ ਬਾਰੇ ਜਾਣਕਾਰੀ ਦਿੱਤੀ ਗਈ।

ਅੰਗਦਾਨ ਦੇ ਹਰ ਖੇਤਰ 'ਚ ਅੱਗੇ ਵਧਣ ਲਈ ਉਤਸ਼ਾਹਤ ਕਰਨਾ ਚਾਹੀਦੈ ਹੈ - ਐਡ. ਸਿੱਧੂ
ਗੋਵਿੰਦ ਸਿੰਘ ਸੰਧੂ

ਹੁਸ਼ਿਆਰਪੁਰ, 8 ਮਾਰਚ (ਨਿੱਜੀ ਪੱਤਰ ਪ੍ਰੇਰਕ)- ਅੰਤਰਰਾਸ਼ਟਰੀ ਮਹਿਲਾ ਦਿਵਸ ਮੌਕੇ ਸਥਾਨਕ ਸ਼ਹਿਰ ਵਿਚ ਵੱਖ-ਵੱਖ ਸਮਾਗਮ ਕਰਵਾਏ ਗਏ। ਇਸ ਮੌਕੇ ਮਹਿਲਾਵਾਂ ਨੂੰ ਸਨਮਾਨਿਤ ਕੀਤਾ ਗਿਆ ਅਤੇ ਉਨ੍ਹਾਂ ਦੇ ਅਧਿਕਾਰਾਂ ਬਾਰੇ ਜਾਣਕਾਰੀ ਦਿੱਤੀ ਗਈ।

ਇਸ ਮੌਕੇ ਬੋਲਦਿਆਂ ਮੁੱਖ ਮਹਿਮਾਨ ਨੇ ਕਿਹਾ ਕਿ ਸਮਾਜ ਦੇ ਹਰ ਖੇਤਰ ਵਿਚ ਔਰਤਾਂ ਨੇ ਆਪਣੀ ਵੱਖਰੀ ਪਛਾਣ ਬਣਾਈ ਹੈ। ਉਨ੍ਹਾਂ ਕਿਹਾ ਕਿ ਸਾਨੂੰ ਸਾਰਿਆਂ ਨੂੰ ਮਿਲ ਕੇ ਔਰਤਾਂ ਦੀ ਸੁਰੱਖਿਆ ਅਤੇ ਸਨਮਾਨ ਲਈ ਕੰਮ ਕਰਨਾ ਚਾਹੀਦਾ ਹੈ। ਇਸ ਮੌਕੇ ਵੱਖ-ਵੱਖ ਸ਼ਖਸੀਅਤਾਂ ਨੇ ਆਪਣੇ ਵਿਚਾਰ ਸਾਂਝੇ ਕੀਤੇ ਅਤੇ ਸਮਾਜ ਭਲਾਈ ਦੇ ਕੰਮਾਂ ਵਿਚ ਵੱਧ ਚੜ੍ਹ ਕੇ ਹਿੱਸਾ ਲੈਣ ਦਾ ਸੱਦਾ ਦਿੱਤਾ। ਅੰਤ ਵਿਚ ਸਭਨਾਂ ਦਾ ਧੰਨਵਾਦ ਕੀਤਾ ਗਿਆ।

ਇਸ ਮੌਕੇ ਬੋਲਦਿਆਂ ਮੁੱਖ ਮਹਿਮਾਨ ਨੇ ਕਿਹਾ ਕਿ ਸਮਾਜ ਦੇ ਹਰ ਖੇਤਰ ਵਿਚ ਔਰਤਾਂ ਨੇ ਆਪਣੀ ਵੱਖਰੀ ਪਛਾਣ ਬਣਾਈ ਹੈ। ਉਨ੍ਹਾਂ ਕਿਹਾ ਕਿ ਸਾਨੂੰ ਸਾਰਿਆਂ ਨੂੰ ਮਿਲ ਕੇ ਔਰਤਾਂ ਦੀ ਸੁਰੱਖਿਆ ਅਤੇ ਸਨਮਾਨ ਲਈ ਕੰਮ ਕਰਨਾ ਚਾਹੀਦਾ ਹੈ। ਇਸ ਮੌਕੇ ਵੱਖ-ਵੱਖ ਸ਼ਖਸੀਅਤਾਂ ਨੇ ਆਪਣੇ ਵਿਚਾਰ ਸਾਂਝੇ ਕੀਤੇ ਅਤੇ ਸਮਾਜ ਭਲਾਈ ਦੇ ਕੰਮਾਂ ਵਿਚ ਵੱਧ ਚੜ੍ਹ ਕੇ ਹਿੱਸਾ ਲੈਣ ਦਾ ਸੱਦਾ ਦਿੱਤਾ। ਅੰਤ ਵਿਚ ਸਭਨਾਂ ਦਾ ਧੰਨਵਾਦ ਕੀਤਾ ਗਿਆ।

ਹੁਸ਼ਿਆਰਪੁਰ, 8 ਮਾਰਚ (ਨਿੱਜੀ ਪੱਤਰ ਪ੍ਰੇਰਕ)- ਅੰਤਰਰਾਸ਼ਟਰੀ ਮਹਿਲਾ ਦਿਵਸ ਮੌਕੇ ਸਥਾਨਕ ਸ਼ਹਿਰ ਵਿਚ ਵੱਖ-ਵੱਖ ਸਮਾਗਮ ਕਰਵਾਏ ਗਏ। ਇਸ ਮੌਕੇ ਮਹਿਲਾਵਾਂ ਨੂੰ ਸਨਮਾਨਿਤ ਕੀਤਾ ਗਿਆ ਅਤੇ ਉਨ੍ਹਾਂ ਦੇ ਅਧਿਕਾਰਾਂ ਬਾਰੇ ਜਾਣਕਾਰੀ ਦਿੱਤੀ ਗਈ।

ਚੈੱਕ ਵੰਡਦੇ ਹੋਏ ਵਿਧਾਇਕ।
ਵਿਧਾਇਕ ਘੁੰਮਣ ਨੇ ਪਿੰਡਾਂ ਦੀਆਂ ਪੰਚਾਇਤਾਂ ਨੂੰ ਗਰਾਂਟ ਦੇ ਚੈੱਕਾਂ ਪੱਧਰ ਵੰਡੇ

ਹੁਸ਼ਿਆਰਪੁਰ, 8 ਮਾਰਚ (ਨਿੱਜੀ ਪੱਤਰ ਪ੍ਰੇਰਕ)- ਅੰਤਰਰਾਸ਼ਟਰੀ ਮਹਿਲਾ ਦਿਵਸ ਮੌਕੇ ਸਥਾਨਕ ਸ਼ਹਿਰ ਵਿਚ ਵੱਖ-ਵੱਖ ਸਮਾਗਮ ਕਰਵਾਏ ਗਏ। ਇਸ ਮੌਕੇ ਮਹਿਲਾਵਾਂ ਨੂੰ ਸਨਮਾਨਿਤ ਕੀਤਾ ਗਿਆ ਅਤੇ ਉਨ੍ਹਾਂ ਦੇ ਅਧਿਕਾਰਾਂ ਬਾਰੇ ਜਾਣਕਾਰੀ ਦਿੱਤੀ ਗਈ।

ਇਸ ਮੌਕੇ ਬੋਲਦਿਆਂ ਮੁੱਖ ਮਹਿਮਾਨ ਨੇ ਕਿਹਾ ਕਿ ਸਮਾਜ ਦੇ ਹਰ ਖੇਤਰ ਵਿਚ ਔਰਤਾਂ ਨੇ ਆਪਣੀ ਵੱਖਰੀ ਪਛਾਣ ਬਣਾਈ ਹੈ। ਉਨ੍ਹਾਂ ਕਿਹਾ ਕਿ ਸਾਨੂੰ ਸਾਰਿਆਂ ਨੂੰ ਮਿਲ ਕੇ ਔਰਤਾਂ ਦੀ ਸੁਰੱਖਿਆ ਅਤੇ ਸਨਮਾਨ ਲਈ ਕੰਮ ਕਰਨਾ ਚਾਹੀਦਾ ਹੈ। ਇਸ ਮੌਕੇ ਵੱਖ-ਵੱਖ ਸ਼ਖਸੀਅਤਾਂ ਨੇ ਆਪਣੇ ਵਿਚਾਰ ਸਾਂਝੇ ਕੀਤੇ ਅਤੇ ਸਮਾਜ ਭਲਾਈ ਦੇ ਕੰਮਾਂ ਵਿਚ ਵੱਧ ਚੜ੍ਹ ਕੇ ਹਿੱਸਾ ਲੈਣ ਦਾ ਸੱਦਾ ਦਿੱਤਾ। ਅੰਤ ਵਿਚ ਸਭਨਾਂ ਦਾ ਧੰਨਵਾਦ ਕੀਤਾ ਗਿਆ।

ਇਸ ਮੌਕੇ ਬੋਲਦਿਆਂ ਮੁੱਖ ਮਹਿਮਾਨ ਨੇ ਕਿਹਾ ਕਿ ਸਮਾਜ ਦੇ ਹਰ ਖੇਤਰ ਵਿਚ ਔਰਤਾਂ ਨੇ ਆਪਣੀ ਵੱਖਰੀ ਪਛਾਣ ਬਣਾਈ ਹੈ। ਉਨ੍ਹਾਂ ਕਿਹਾ ਕਿ ਸਾਨੂੰ ਸਾਰਿਆਂ ਨੂੰ ਮਿਲ ਕੇ ਔਰਤਾਂ ਦੀ ਸੁਰੱਖਿਆ ਅਤੇ ਸਨਮਾਨ ਲਈ ਕੰਮ ਕਰਨਾ ਚਾਹੀਦਾ ਹੈ। ਇਸ ਮੌਕੇ ਵੱਖ-ਵੱਖ ਸ਼ਖਸੀਅਤਾਂ ਨੇ ਆਪਣੇ ਵਿਚਾਰ ਸਾਂਝੇ ਕੀਤੇ ਅਤੇ ਸਮਾਜ ਭਲਾਈ ਦੇ ਕੰਮਾਂ ਵਿਚ ਵੱਧ ਚੜ੍ਹ ਕੇ ਹਿੱਸਾ ਲੈਣ ਦਾ ਸੱਦਾ ਦਿੱਤਾ। ਅੰਤ ਵਿਚ ਸਭਨਾਂ ਦਾ ਧੰਨਵਾਦ ਕੀਤਾ ਗਿਆ।

ਸਰ. ਸ੍ਰੀ ਮੁੜ ਦੇਸ਼ ਨੂੰ ਸ਼ਰਧਾਂਜਲੀਆਂ ਭੇਟ

ਹੁਸ਼ਿਆਰਪੁਰ, 8 ਮਾਰਚ (ਨਿੱਜੀ ਪੱਤਰ ਪ੍ਰੇਰਕ)- ਅੰਤਰਰਾਸ਼ਟਰੀ ਮਹਿਲਾ ਦਿਵਸ ਮੌਕੇ ਸਥਾਨਕ ਸ਼ਹਿਰ ਵਿਚ ਵੱਖ-ਵੱਖ ਸਮਾਗਮ ਕਰਵਾਏ ਗਏ। ਇਸ ਮੌਕੇ ਮਹਿਲਾਵਾਂ ਨੂੰ ਸਨਮਾਨਿਤ ਕੀਤਾ ਗਿਆ ਅਤੇ ਉਨ੍ਹਾਂ ਦੇ ਅਧਿਕਾਰਾਂ ਬਾਰੇ ਜਾਣਕਾਰੀ ਦਿੱਤੀ ਗਈ।

ਸ. ਜਸਬੀਰ ਸਿੰਘ
ਭੋਗ 'ਤੇ ਵਿਚਾਰ : ਗੋਵਿੰਦ ਸਿੰਘ ਸੰਧੂ
ਗੋਵਿੰਦ ਸਿੰਘ ਸੰਧੂ

ਹੁਸ਼ਿਆਰਪੁਰ, 8 ਮਾਰਚ (ਨਿੱਜੀ ਪੱਤਰ ਪ੍ਰੇਰਕ)- ਅੰਤਰਰਾਸ਼ਟਰੀ ਮਹਿਲਾ ਦਿਵਸ ਮੌਕੇ ਸਥਾਨਕ ਸ਼ਹਿਰ ਵਿਚ ਵੱਖ-ਵੱਖ ਸਮਾਗਮ ਕਰਵਾਏ ਗਏ। ਇਸ ਮੌਕੇ ਮਹਿਲਾਵਾਂ ਨੂੰ ਸਨਮਾਨਿਤ ਕੀਤਾ ਗਿਆ ਅਤੇ ਉਨ੍ਹਾਂ ਦੇ ਅਧਿਕਾਰਾਂ ਬਾਰੇ ਜਾਣਕਾਰੀ ਦਿੱਤੀ ਗਈ।

ਇਸ ਮੌਕੇ ਬੋਲਦਿਆਂ ਮੁੱਖ ਮਹਿਮਾਨ ਨੇ ਕਿਹਾ ਕਿ ਸਮਾਜ ਦੇ ਹਰ ਖੇਤਰ ਵਿਚ ਔਰਤਾਂ ਨੇ ਆਪਣੀ ਵੱਖਰੀ ਪਛਾਣ ਬਣਾਈ ਹੈ। ਉਨ੍ਹਾਂ ਕਿਹਾ ਕਿ ਸਾਨੂੰ ਸਾਰਿਆਂ ਨੂੰ ਮਿਲ ਕੇ ਔਰਤਾਂ ਦੀ ਸੁਰੱਖਿਆ ਅਤੇ ਸਨਮਾਨ ਲਈ ਕੰਮ ਕਰਨਾ ਚਾਹੀਦਾ ਹੈ। ਇਸ ਮੌਕੇ ਵੱਖ-ਵੱਖ ਸ਼ਖਸੀਅਤਾਂ ਨੇ ਆਪਣੇ ਵਿਚਾਰ ਸਾਂਝੇ ਕੀਤੇ ਅਤੇ ਸਮਾਜ ਭਲਾਈ ਦੇ ਕੰਮਾਂ ਵਿਚ ਵੱਧ ਚੜ੍ਹ ਕੇ ਹਿੱਸਾ ਲੈਣ ਦਾ ਸੱਦਾ ਦਿੱਤਾ। ਅੰਤ ਵਿਚ ਸਭਨਾਂ ਦਾ ਧੰਨਵਾਦ ਕੀਤਾ ਗਿਆ।

Printed & Published by Editor
for Sadhu Singh Hamdard Trust, Ajit Bhawan, Jalandhar
Ajit Bhawan, Jalandhar - 144004
Editor : Satnam Singh, Phone : 0181-2457901
Printed at Ajit Prakashan Pvt. Ltd., Jalandhar
C M Y K	ਹੁਸ਼ਿਆਰਪੁਰ 6 ਪੰਨਾ
